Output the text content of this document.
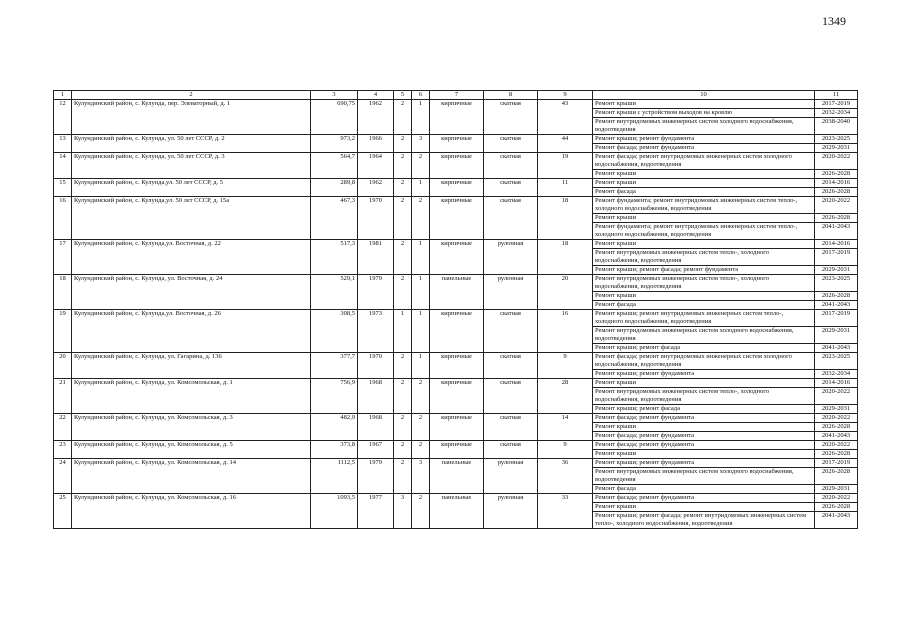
1349
1	2	3	4	5	6	7	8	9	10	11
12	Кулундинский район, с. Кулунда, пер. Элеваторный, д. 1	690,75	1962	2	1	кирпичные	скатная	43	Ремонт крыши	2017-2019
									Ремонт крыши с устройством выходов на кровлю	2032-2034
									Ремонт внутридомовых инженерных систем холодного водоснабжения, водоотведения	2038-2040
13	Кулундинский район, с. Кулунда, ул. 50 лет СССР, д. 2	973,2	1966	2	3	кирпичные	скатная	44	Ремонт крыши; ремонт фундамента	2023-2025
									Ремонт фасада; ремонт фундамента	2029-2031
14	Кулундинский район, с. Кулунда, ул. 50 лет СССР, д. 3	564,7	1964	2	2	кирпичные	скатная	19	Ремонт фасада; ремонт внутридомовых инженерных систем холодного водоснабжения, водоотведения	2020-2022
									Ремонт крыши	2026-2028
15	Кулундинский район, с. Кулунда,ул. 50 лет СССР, д. 5	289,8	1962	2	1	кирпичные	скатная	11	Ремонт крыши	2014-2016
									Ремонт фасада	2026-2028
16	Кулундинский район, с. Кулунда,ул. 50 лет СССР, д. 15а	467,3	1970	2	2	кирпичные	скатная	18	Ремонт фундамента; ремонт внутридомовых инженерных систем тепло-, холодного водоснабжения, водоотведения	2020-2022
									Ремонт крыши	2026-2028
									Ремонт фундамента; ремонт внутридомовых инженерных систем тепло-, холодного водоснабжения, водоотведения	2041-2043
17	Кулундинский район, с. Кулунда,ул. Восточная, д. 22	517,3	1981	2	1	кирпичные	рулонная	18	Ремонт крыши	2014-2016
									Ремонт внутридомовых инженерных систем тепло-, холодного водоснабжения, водоотведения	2017-2019
									Ремонт крыши; ремонт фасада; ремонт фундамента	2029-2031
18	Кулундинский район, с. Кулунда, ул. Восточная, д. 24	529,1	1979	2	1	панельные	рулонная	20	Ремонт внутридомовых инженерных систем тепло-, холодного водоснабжения, водоотведения	2023-2025
									Ремонт крыши	2026-2028
									Ремонт фасада	2041-2043
19	Кулундинский район, с. Кулунда,ул. Восточная, д. 26	308,5	1973	1	1	кирпичные	скатная	16	Ремонт крыши; ремонт внутридомовых инженерных систем тепло-, холодного водоснабжения, водоотведения	2017-2019
									Ремонт внутридомовых инженерных систем холодного водоснабжения, водоотведения	2029-2031
									Ремонт крыши; ремонт фасада	2041-2043
20	Кулундинский район, с. Кулунда, ул. Гагарина, д. 136	377,7	1970	2	1	кирпичные	скатная	9	Ремонт фасада; ремонт внутридомовых инженерных систем холодного водоснабжения, водоотведения	2023-2025
									Ремонт крыши; ремонт фундамента	2032-2034
21	Кулундинский район, с. Кулунда, ул. Комсомольская, д. 1	756,9	1968	2	2	кирпичные	скатная	28	Ремонт крыши	2014-2016
									Ремонт внутридомовых инженерных систем тепло-, холодного водоснабжения, водоотведения	2020-2022
									Ремонт крыши; ремонт фасада	2029-2031
22	Кулундинский район, с. Кулунда, ул. Комсомольская, д. 3	482,9	1968	2	2	кирпичные	скатная	14	Ремонт фасада; ремонт фундамента	2020-2022
									Ремонт крыши	2026-2028
									Ремонт фасада; ремонт фундамента	2041-2043
23	Кулундинский район, с. Кулунда, ул. Комсомольская, д. 5	373,8	1967	2	2	кирпичные	скатная	9	Ремонт фасада; ремонт фундамента	2020-2022
									Ремонт крыши	2026-2028
24	Кулундинский район, с. Кулунда, ул. Комсомольская, д. 14	1112,5	1979	2	3	панельные	рулонная	36	Ремонт крыши; ремонт фундамента	2017-2019
									Ремонт внутридомовых инженерных систем холодного водоснабжения, водоотведения	2026-2028
									Ремонт фасада	2029-2031
25	Кулундинский район, с. Кулунда, ул. Комсомольская, д. 16	1093,5	1977	3	2	панельные	рулонная	33	Ремонт фасада; ремонт фундамента	2020-2022
									Ремонт крыши	2026-2028
									Ремонт крыши; ремонт фасада; ремонт внутридомовых инженерных систем тепло-, холодного водоснабжения, водоотведения	2041-2043
